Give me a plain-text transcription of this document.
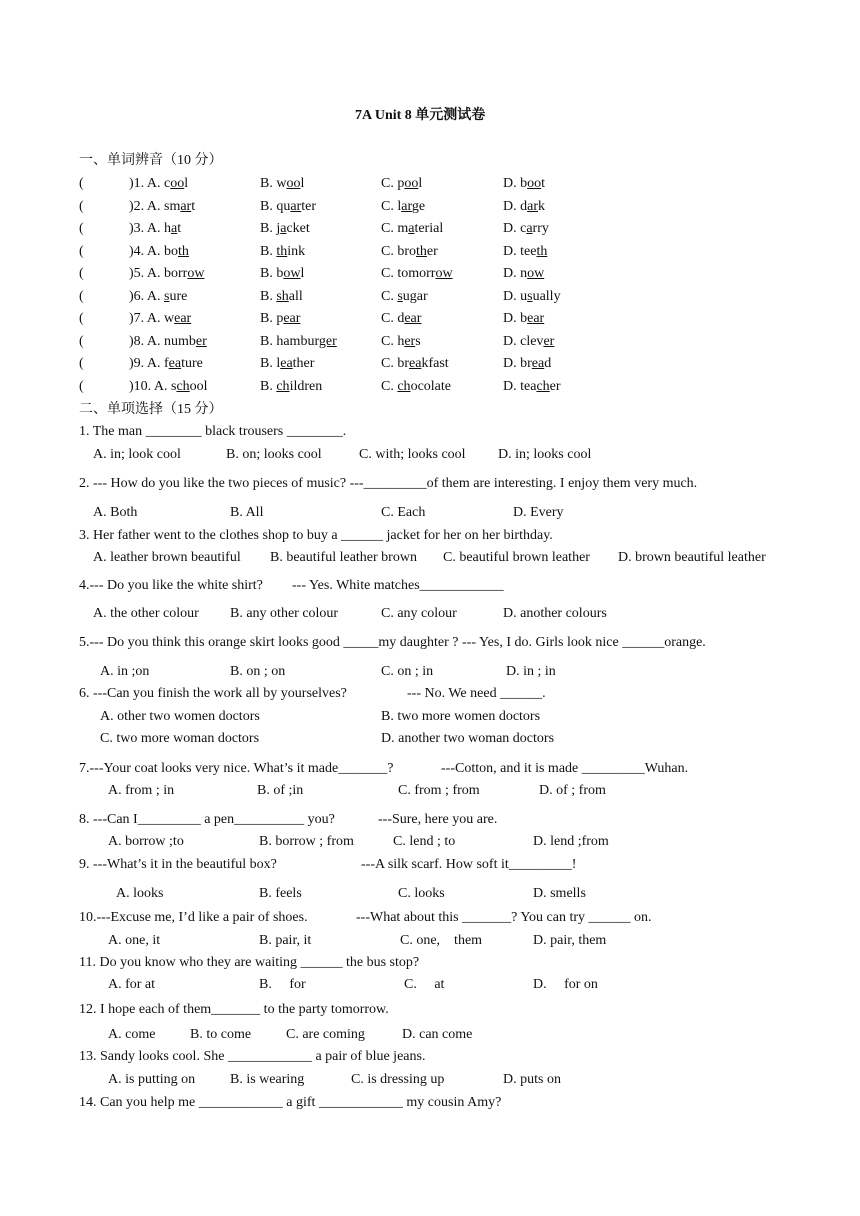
7A Unit 8 单元测试卷
一、单词辨音（10 分）
(	)1. A. cool	B. wool	C. pool	D. boot
(	)2. A. smart	B. quarter	C. large	D. dark
(	)3. A. hat	B. jacket	C. material	D. carry
(	)4. A. both	B. think	C. brother	D. teeth
(	)5. A. borrow	B. bowl	C. tomorrow	D. now
(	)6. A. sure	B. shall	C. sugar	D. usually
(	)7. A. wear	B. pear	C. dear	D. bear
(	)8. A. number	B. hamburger	C. hers	D. clever
(	)9. A. feature	B. leather	C. breakfast	D. bread
(	)10. A. school	B. children	C. chocolate	D. teacher
二、单项选择（15 分）
1. The man ________ black trousers ________.
A. in; look cool	B. on; looks cool	C. with; looks cool D. in; looks cool
2. --- How do you like the two pieces of music? ---_________of them are interesting. I enjoy them very much.
A. Both	B. All	C. Each	D. Every
3. Her father went to the clothes shop to buy a ______ jacket for her on her birthday.
A. leather brown beautiful B. beautiful leather brown C. beautiful brown leather D. brown beautiful leather
4.--- Do you like the white shirt? --- Yes. White matches____________
A. the other colour B. any other colour	C. any colour	D. another colours
5.--- Do you think this orange skirt looks good _____my daughter ? --- Yes, I do. Girls look nice ______orange.
A. in ;on	B. on ; on	C. on ; in	D. in ; in
6. ---Can you finish the work all by yourselves?	--- No. We need ______.
A. other two women doctors	B. two more women doctors
C. two more woman doctors	D. another two woman doctors
7.---Your coat looks very nice. What’s it made_______?	---Cotton, and it is made _________Wuhan.
A. from ; in	B. of ;in	C. from ; from	D. of ; from
8. ---Can I_________ a pen__________ you?	---Sure, here you are.
A. borrow ;to	B. borrow ; from	C. lend ; to	D. lend ;from
9. ---What’s it in the beautiful box?	---A silk scarf. How soft it_________!
A. looks	B. feels	C. looks	D. smells
10.---Excuse me, I’d like a pair of shoes.	---What about this _______? You can try ______ on.
A. one, it	B. pair, it	C. one,    them	D. pair, them
11. Do you know who they are waiting ______ the bus stop?
A. for at	B.     for	C.     at	D.     for on
12. I hope each of them_______ to the party tomorrow.
A. come B. to come C. are coming	D. can come
13. Sandy looks cool. She ____________ a pair of blue jeans.
A. is putting on B. is wearing	C. is dressing up	D. puts on
14. Can you help me ____________ a gift ____________ my cousin Amy?
